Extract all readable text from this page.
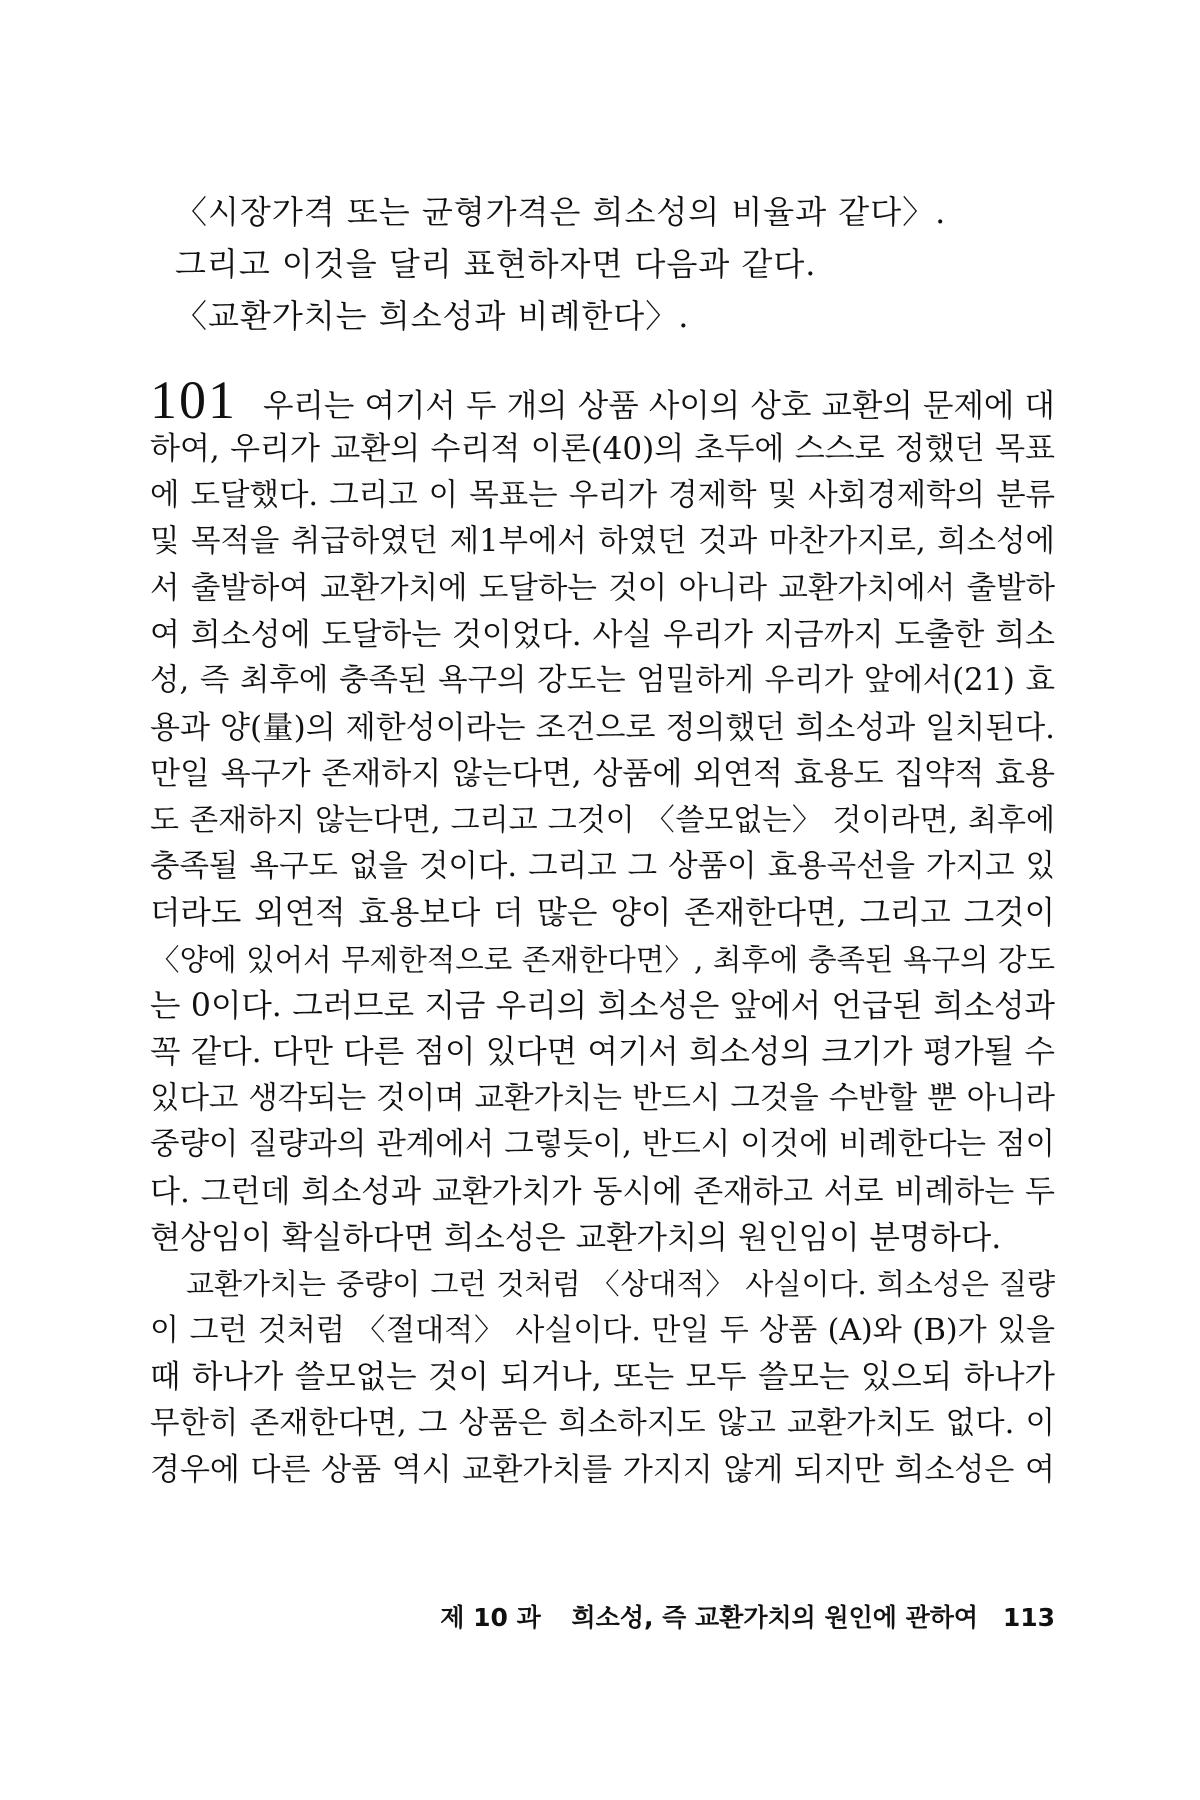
〈시장가격 또는 균형가격은 희소성의 비율과 같다〉.
그리고 이것을 달리 표현하자면 다음과 같다.
〈교환가치는 희소성과 비례한다〉.
101 우리는 여기서 두 개의 상품 사이의 상호 교환의 문제에 대
하여, 우리가 교환의 수리적 이론(40)의 초두에 스스로 정했던 목표
에 도달했다. 그리고 이 목표는 우리가 경제학 및 사회경제학의 분류
및 목적을 취급하였던 제1부에서 하였던 것과 마찬가지로, 희소성에
서 출발하여 교환가치에 도달하는 것이 아니라 교환가치에서 출발하
여 희소성에 도달하는 것이었다. 사실 우리가 지금까지 도출한 희소
성, 즉 최후에 충족된 욕구의 강도는 엄밀하게 우리가 앞에서(21) 효
용과 양(量)의 제한성이라는 조건으로 정의했던 희소성과 일치된다.
만일 욕구가 존재하지 않는다면, 상품에 외연적 효용도 집약적 효용
도 존재하지 않는다면, 그리고 그것이 〈쓸모없는〉 것이라면, 최후에
충족될 욕구도 없을 것이다. 그리고 그 상품이 효용곡선을 가지고 있
더라도 외연적 효용보다 더 많은 양이 존재한다면, 그리고 그것이
〈양에 있어서 무제한적으로 존재한다면〉, 최후에 충족된 욕구의 강도
는 0이다. 그러므로 지금 우리의 희소성은 앞에서 언급된 희소성과
꼭 같다. 다만 다른 점이 있다면 여기서 희소성의 크기가 평가될 수
있다고 생각되는 것이며 교환가치는 반드시 그것을 수반할 뿐 아니라
중량이 질량과의 관계에서 그렇듯이, 반드시 이것에 비례한다는 점이
다. 그런데 희소성과 교환가치가 동시에 존재하고 서로 비례하는 두
현상임이 확실하다면 희소성은 교환가치의 원인임이 분명하다.
교환가치는 중량이 그런 것처럼 〈상대적〉 사실이다. 희소성은 질량
이 그런 것처럼 〈절대적〉 사실이다. 만일 두 상품 (A)와 (B)가 있을
때 하나가 쓸모없는 것이 되거나, 또는 모두 쓸모는 있으되 하나가
무한히 존재한다면, 그 상품은 희소하지도 않고 교환가치도 없다. 이
경우에 다른 상품 역시 교환가치를 가지지 않게 되지만 희소성은 여
제 10 과 희소성, 즉 교환가치의 원인에 관하여 113
